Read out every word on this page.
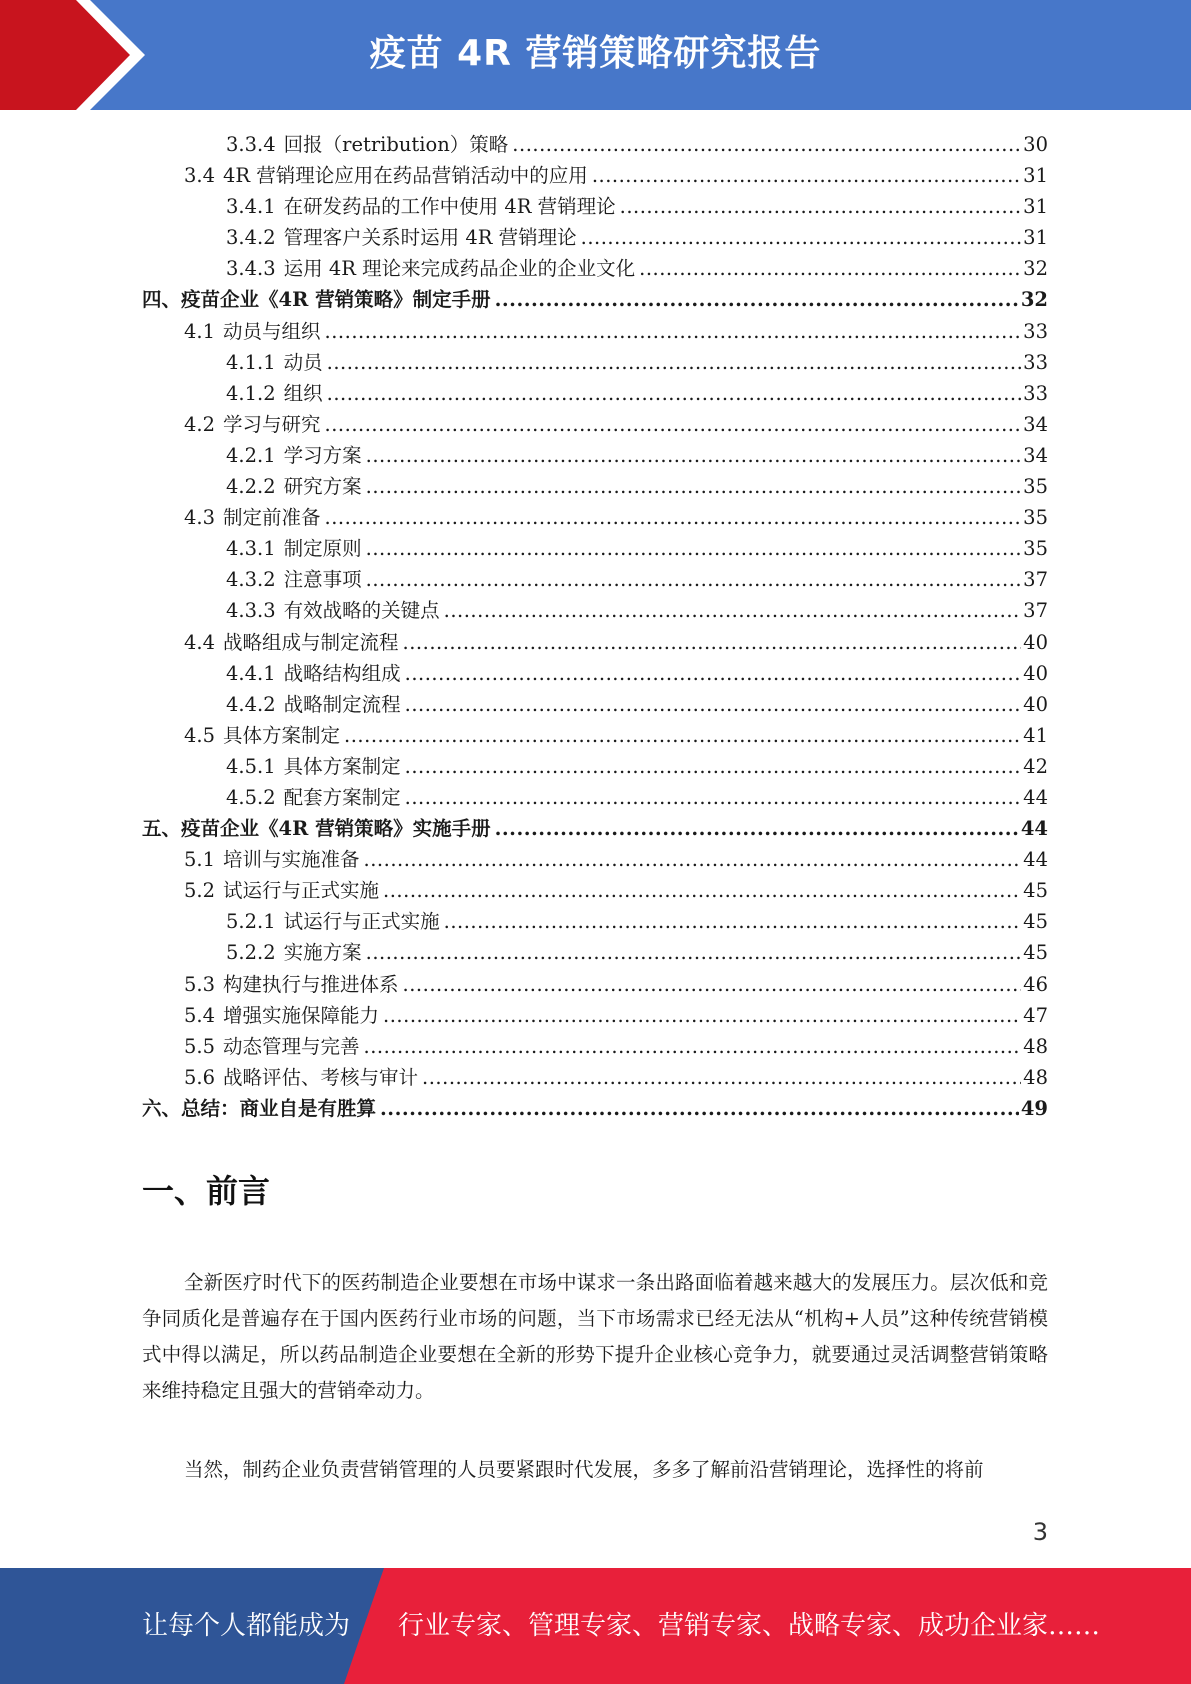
疫苗 4R 营销策略研究报告
3.3.4 回报（retribution）策略 .....	30
3.4 4R 营销理论应用在药品营销活动中的应用 .....	31
3.4.1 在研发药品的工作中使用 4R 营销理论 .....	31
3.4.2 管理客户关系时运用 4R 营销理论 .....	31
3.4.3 运用 4R 理论来完成药品企业的企业文化 .....	32
四、疫苗企业《4R 营销策略》制定手册 .....	32
4.1 动员与组织 .....	33
4.1.1 动员 .....	33
4.1.2 组织 .....	33
4.2 学习与研究 .....	34
4.2.1 学习方案 .....	34
4.2.2 研究方案 .....	35
4.3 制定前准备 .....	35
4.3.1 制定原则 .....	35
4.3.2 注意事项 .....	37
4.3.3 有效战略的关键点 .....	37
4.4 战略组成与制定流程 .....	40
4.4.1 战略结构组成 .....	40
4.4.2 战略制定流程 .....	40
4.5 具体方案制定 .....	41
4.5.1 具体方案制定 .....	42
4.5.2 配套方案制定 .....	44
五、疫苗企业《4R 营销策略》实施手册 .....	44
5.1 培训与实施准备 .....	44
5.2 试运行与正式实施 .....	45
5.2.1 试运行与正式实施 .....	45
5.2.2 实施方案 .....	45
5.3 构建执行与推进体系 .....	46
5.4 增强实施保障能力 .....	47
5.5 动态管理与完善 .....	48
5.6 战略评估、考核与审计 .....	48
六、总结：商业自是有胜算 .....	49
一、前言

全新医疗时代下的医药制造企业要想在市场中谋求一条出路面临着越来越大的发展压力。层次低和竞争同质化是普遍存在于国内医药行业市场的问题，当下市场需求已经无法从“机构+人员”这种传统营销模式中得以满足，所以药品制造企业要想在全新的形势下提升企业核心竞争力，就要通过灵活调整营销策略来维持稳定且强大的营销牵动力。

当然，制药企业负责营销管理的人员要紧跟时代发展，多多了解前沿营销理论，选择性的将前

3
让每个人都能成为 行业专家、管理专家、营销专家、战略专家、成功企业家……
